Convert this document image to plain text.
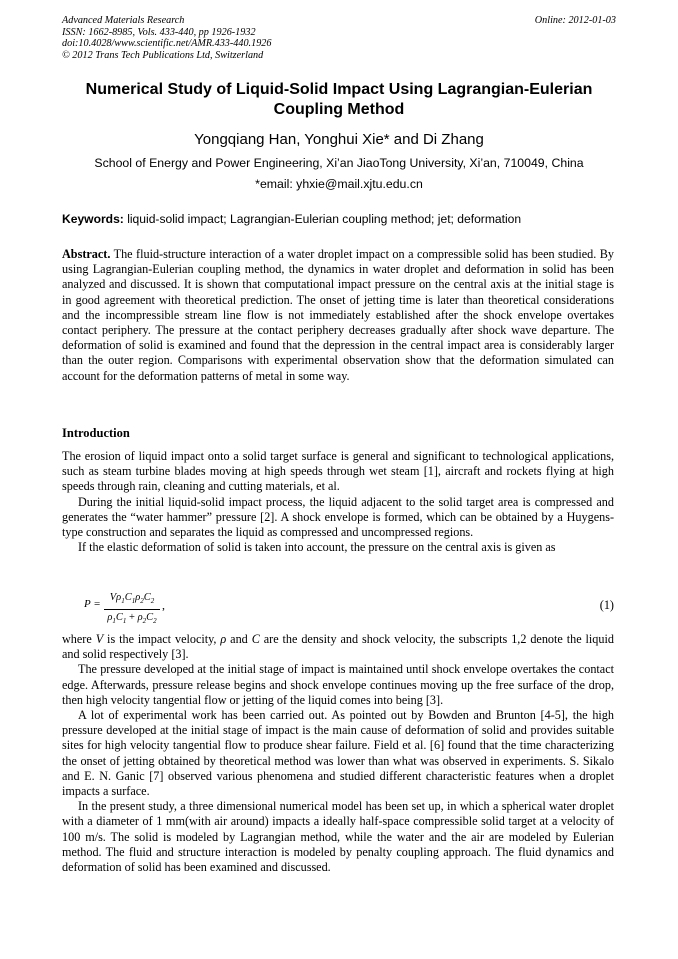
Advanced Materials Research
ISSN: 1662-8985, Vols. 433-440, pp 1926-1932
doi:10.4028/www.scientific.net/AMR.433-440.1926
© 2012 Trans Tech Publications Ltd, Switzerland
Online: 2012-01-03
Numerical Study of Liquid-Solid Impact Using Lagrangian-Eulerian Coupling Method
Yongqiang Han, Yonghui Xie* and Di Zhang
School of Energy and Power Engineering, Xi’an JiaoTong University, Xi’an, 710049, China
*email: yhxie@mail.xjtu.edu.cn
Keywords: liquid-solid impact; Lagrangian-Eulerian coupling method; jet; deformation

Abstract. The fluid-structure interaction of a water droplet impact on a compressible solid has been studied. By using Lagrangian-Eulerian coupling method, the dynamics in water droplet and deformation in solid has been analyzed and discussed. It is shown that computational impact pressure on the central axis at the initial stage is in good agreement with theoretical prediction. The onset of jetting time is later than theoretical considerations and the incompressible stream line flow is not immediately established after the shock envelope overtakes contact periphery. The pressure at the contact periphery decreases gradually after shock wave departure. The deformation of solid is examined and found that the depression in the central impact area is considerably larger than the outer region. Comparisons with experimental observation show that the deformation simulated can account for the deformation patterns of metal in some way.

Introduction

The erosion of liquid impact onto a solid target surface is general and significant to technological applications, such as steam turbine blades moving at high speeds through wet steam [1], aircraft and rockets flying at high speeds through rain, cleaning and cutting materials, et al.

During the initial liquid-solid impact process, the liquid adjacent to the solid target area is compressed and generates the “water hammer” pressure [2]. A shock envelope is formed, which can be obtained by a Huygens-type construction and separates the liquid as compressed and uncompressed regions.

If the elastic deformation of solid is taken into account, the pressure on the central axis is given as

P =
$V\rho_1C_1\rho_2C_2$
$\rho_1C_1 + \rho_2C_2$
,	(1)

where V is the impact velocity, ρ and C are the density and shock velocity, the subscripts 1,2 denote the liquid and solid respectively [3].

The pressure developed at the initial stage of impact is maintained until shock envelope overtakes the contact edge. Afterwards, pressure release begins and shock envelope continues moving up the free surface of the drop, then high velocity tangential flow or jetting of the liquid comes into being [3].

A lot of experimental work has been carried out. As pointed out by Bowden and Brunton [4-5], the high pressure developed at the initial stage of impact is the main cause of deformation of solid and provides suitable sites for high velocity tangential flow to produce shear failure. Field et al. [6] found that the time characterizing the onset of jetting obtained by theoretical method was lower than what was observed in experiments. S. Sikalo and E. N. Ganic [7] observed various phenomena and studied different characteristic features when a droplet impacts a surface.

In the present study, a three dimensional numerical model has been set up, in which a spherical water droplet with a diameter of 1 mm(with air around) impacts a ideally half-space compressible solid target at a velocity of 100 m/s. The solid is modeled by Lagrangian method, while the water and the air are modeled by Eulerian method. The fluid and structure interaction is modeled by penalty coupling approach. The fluid dynamics and deformation of solid has been examined and discussed.
